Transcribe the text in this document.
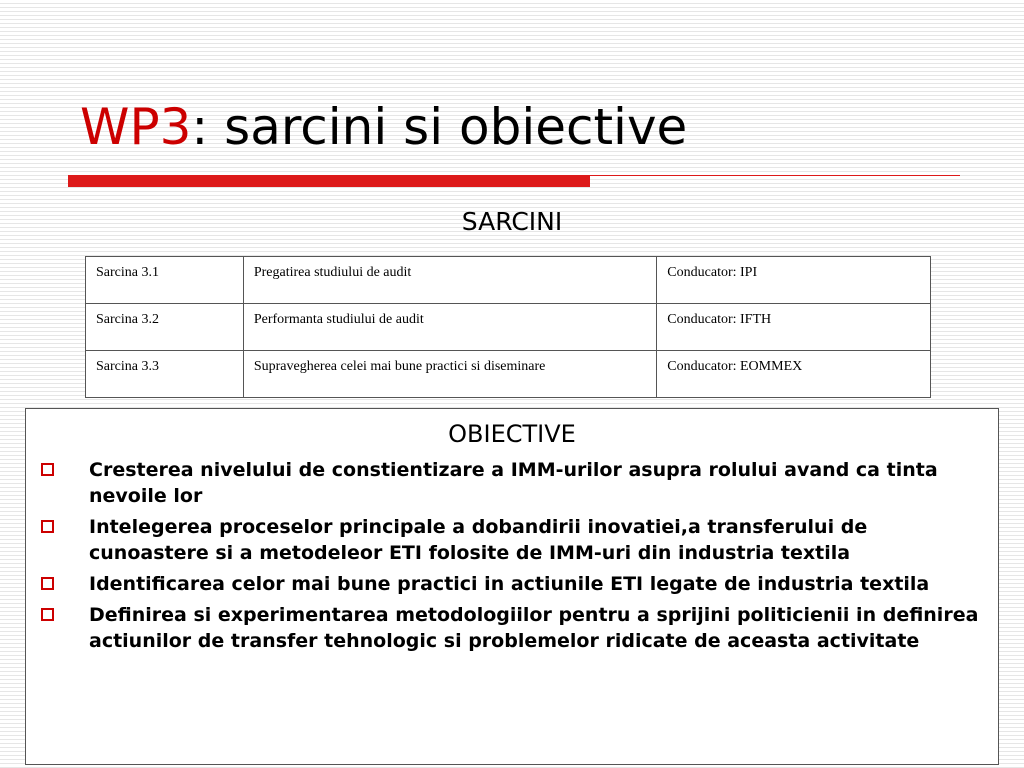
WP3: sarcini si obiective
SARCINI
Sarcina 3.1	Pregatirea studiului de audit	Conducator: IPI
Sarcina 3.2	Performanta studiului de audit	Conducator: IFTH
Sarcina 3.3	Supravegherea celei mai bune practici si diseminare	Conducator: EOMMEX
OBIECTIVE
Cresterea nivelului de constientizare a IMM-urilor asupra rolului avand ca tinta nevoile lor
Intelegerea proceselor principale a dobandirii inovatiei,a transferului de cunoastere si a metodeleor ETI folosite de IMM-uri din industria textila
Identificarea celor mai bune practici in actiunile ETI legate de industria textila
Definirea si experimentarea metodologiilor pentru a sprijini politicienii in definirea actiunilor de transfer tehnologic si problemelor ridicate de aceasta activitate
